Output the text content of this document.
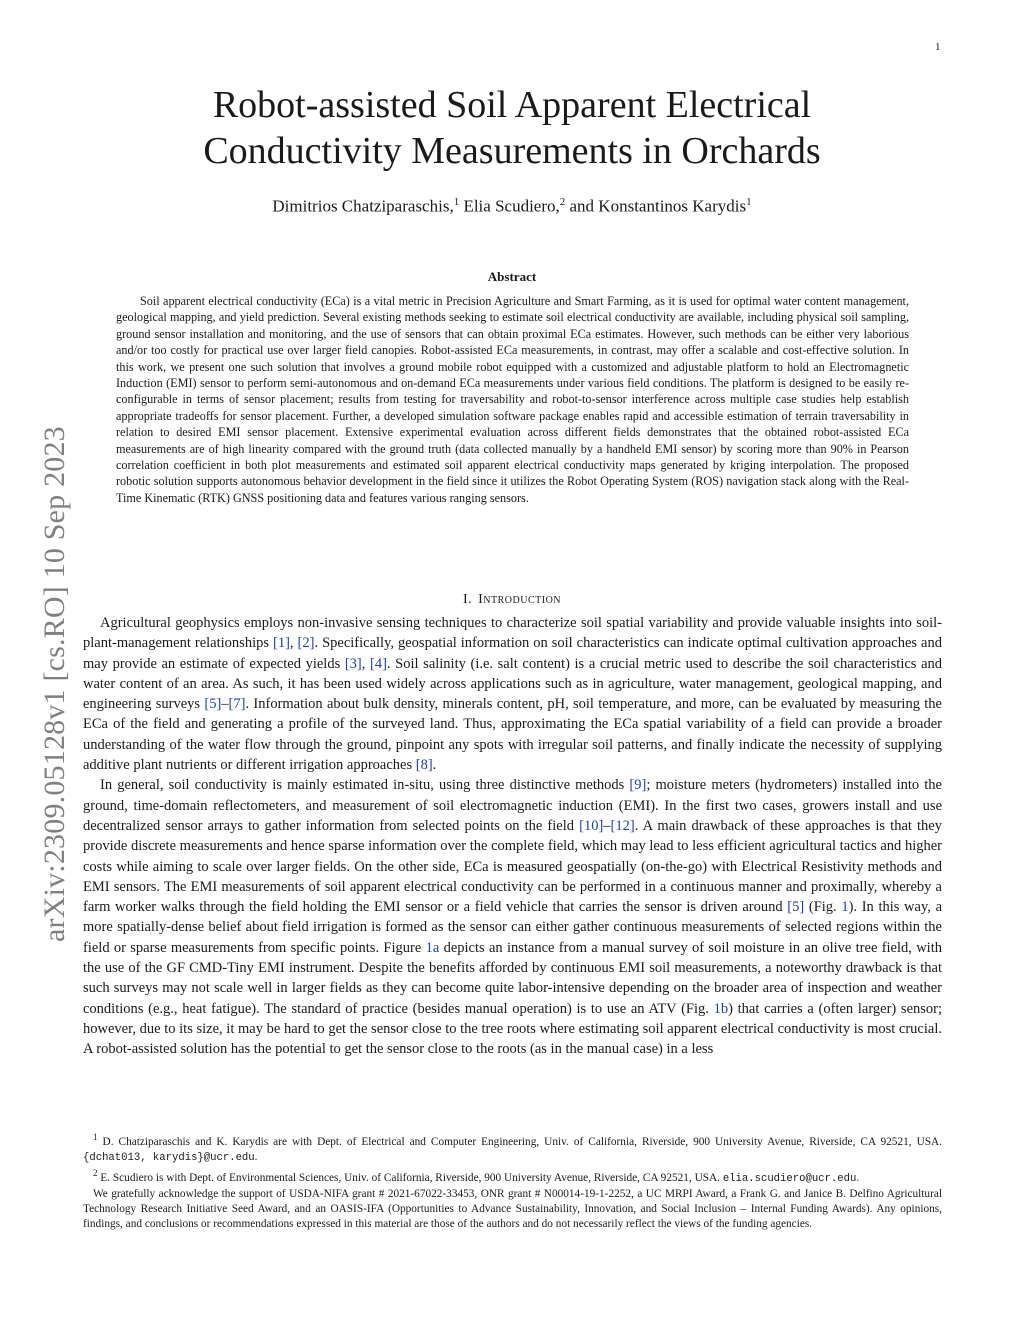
1
arXiv:2309.05128v1 [cs.RO] 10 Sep 2023
Robot-assisted Soil Apparent Electrical
Conductivity Measurements in Orchards
Dimitrios Chatziparaschis,$^1$ Elia Scudiero,$^2$ and Konstantinos Karydis$^1$
Abstract

Soil apparent electrical conductivity (ECa) is a vital metric in Precision Agriculture and Smart Farming, as it is used for optimal water content management, geological mapping, and yield prediction. Several existing methods seeking to estimate soil electrical conductivity are available, including physical soil sampling, ground sensor installation and monitoring, and the use of sensors that can obtain proximal ECa estimates. However, such methods can be either very laborious and/or too costly for practical use over larger field canopies. Robot-assisted ECa measurements, in contrast, may offer a scalable and cost-effective solution. In this work, we present one such solution that involves a ground mobile robot equipped with a customized and adjustable platform to hold an Electromagnetic Induction (EMI) sensor to perform semi-autonomous and on-demand ECa measurements under various field conditions. The platform is designed to be easily re-configurable in terms of sensor placement; results from testing for traversability and robot-to-sensor interference across multiple case studies help establish appropriate tradeoffs for sensor placement. Further, a developed simulation software package enables rapid and accessible estimation of terrain traversability in relation to desired EMI sensor placement. Extensive experimental evaluation across different fields demonstrates that the obtained robot-assisted ECa measurements are of high linearity compared with the ground truth (data collected manually by a handheld EMI sensor) by scoring more than 90% in Pearson correlation coefficient in both plot measurements and estimated soil apparent electrical conductivity maps generated by kriging interpolation. The proposed robotic solution supports autonomous behavior development in the field since it utilizes the Robot Operating System (ROS) navigation stack along with the Real-Time Kinematic (RTK) GNSS positioning data and features various ranging sensors.

I. Introduction

Agricultural geophysics employs non-invasive sensing techniques to characterize soil spatial variability and provide valuable insights into soil-plant-management relationships [1], [2]. Specifically, geospatial information on soil characteristics can indicate optimal cultivation approaches and may provide an estimate of expected yields [3], [4]. Soil salinity (i.e. salt content) is a crucial metric used to describe the soil characteristics and water content of an area. As such, it has been used widely across applications such as in agriculture, water management, geological mapping, and engineering surveys [5]–[7]. Information about bulk density, minerals content, pH, soil temperature, and more, can be evaluated by measuring the ECa of the field and generating a profile of the surveyed land. Thus, approximating the ECa spatial variability of a field can provide a broader understanding of the water flow through the ground, pinpoint any spots with irregular soil patterns, and finally indicate the necessity of supplying additive plant nutrients or different irrigation approaches [8].

In general, soil conductivity is mainly estimated in-situ, using three distinctive methods [9]; moisture meters (hydrometers) installed into the ground, time-domain reflectometers, and measurement of soil electromagnetic induction (EMI). In the first two cases, growers install and use decentralized sensor arrays to gather information from selected points on the field [10]–[12]. A main drawback of these approaches is that they provide discrete measurements and hence sparse information over the complete field, which may lead to less efficient agricultural tactics and higher costs while aiming to scale over larger fields. On the other side, ECa is measured geospatially (on-the-go) with Electrical Resistivity methods and EMI sensors. The EMI measurements of soil apparent electrical conductivity can be performed in a continuous manner and proximally, whereby a farm worker walks through the field holding the EMI sensor or a field vehicle that carries the sensor is driven around [5] (Fig. 1). In this way, a more spatially-dense belief about field irrigation is formed as the sensor can either gather continuous measurements of selected regions within the field or sparse measurements from specific points. Figure 1a depicts an instance from a manual survey of soil moisture in an olive tree field, with the use of the GF CMD-Tiny EMI instrument. Despite the benefits afforded by continuous EMI soil measurements, a noteworthy drawback is that such surveys may not scale well in larger fields as they can become quite labor-intensive depending on the broader area of inspection and weather conditions (e.g., heat fatigue). The standard of practice (besides manual operation) is to use an ATV (Fig. 1b) that carries a (often larger) sensor; however, due to its size, it may be hard to get the sensor close to the tree roots where estimating soil apparent electrical conductivity is most crucial. A robot-assisted solution has the potential to get the sensor close to the roots (as in the manual case) in a less

$^1$ D. Chatziparaschis and K. Karydis are with Dept. of Electrical and Computer Engineering, Univ. of California, Riverside, 900 University Avenue, Riverside, CA 92521, USA. {dchat013, karydis}@ucr.edu.

$^2$ E. Scudiero is with Dept. of Environmental Sciences, Univ. of California, Riverside, 900 University Avenue, Riverside, CA 92521, USA. elia.scudiero@ucr.edu.

We gratefully acknowledge the support of USDA-NIFA grant # 2021-67022-33453, ONR grant # N00014-19-1-2252, a UC MRPI Award, a Frank G. and Janice B. Delfino Agricultural Technology Research Initiative Seed Award, and an OASIS-IFA (Opportunities to Advance Sustainability, Innovation, and Social Inclusion – Internal Funding Awards). Any opinions, findings, and conclusions or recommendations expressed in this material are those of the authors and do not necessarily reflect the views of the funding agencies.
